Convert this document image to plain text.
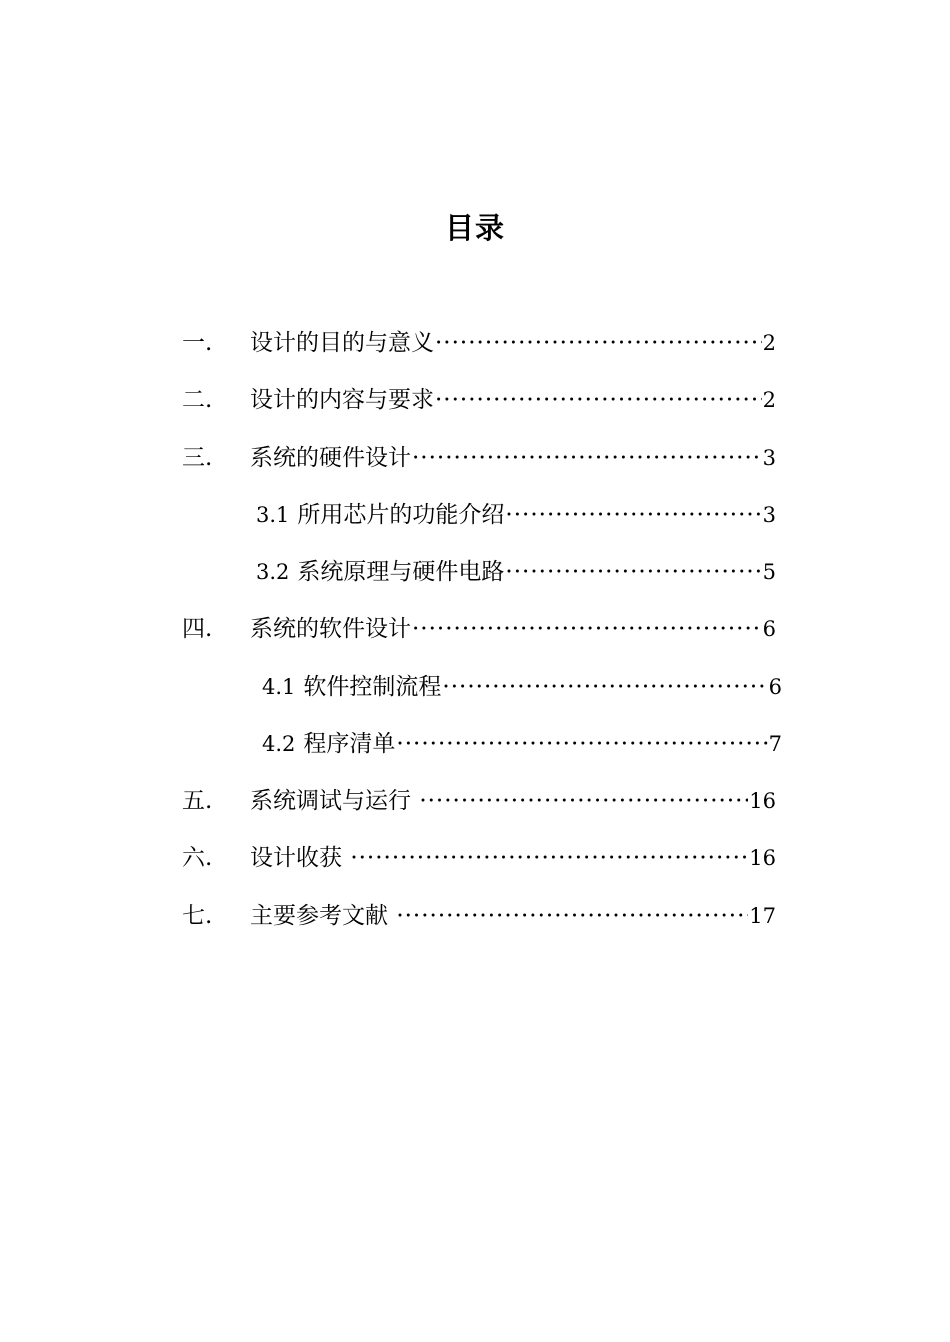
目录
一. 设计的目的与意义 ·····	2
二. 设计的内容与要求 ·····	2
三. 系统的硬件设计 ·····	3
3.1 所用芯片的功能介绍 ·····	3
3.2 系统原理与硬件电路 ·····	5
四. 系统的软件设计 ·····	6
4.1 软件控制流程 ·····	6
4.2 程序清单 ·····	7
五. 系统调试与运行 ·····	16
六. 设计收获 ·····	16
七. 主要参考文献 ·····	17
